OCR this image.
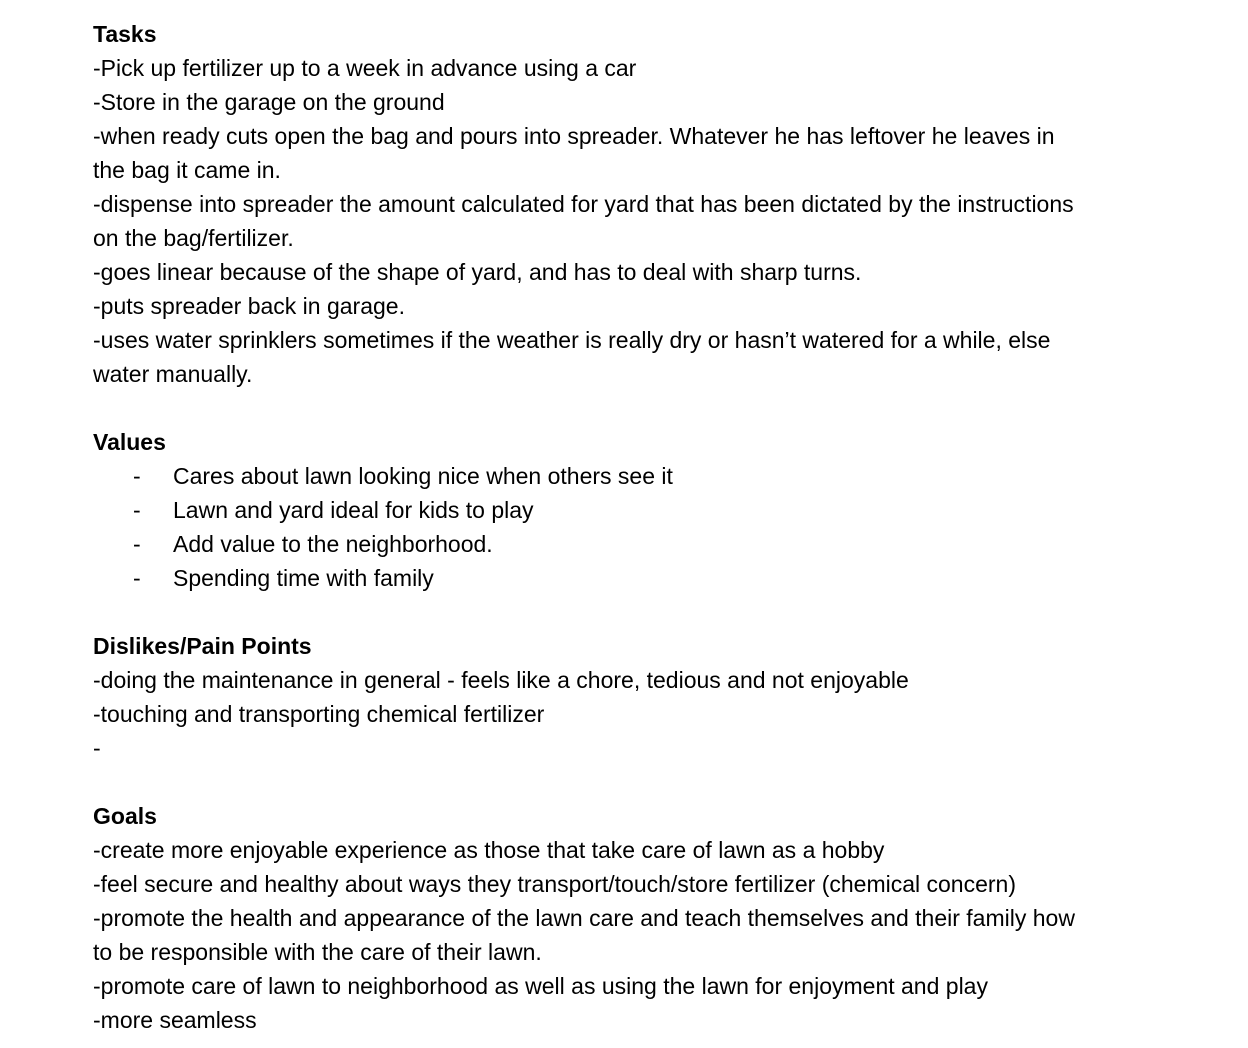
Tasks

-Pick up fertilizer up to a week in advance using a car

-Store in the garage on the ground

-when ready cuts open the bag and pours into spreader. Whatever he has leftover he leaves in the bag it came in.

-dispense into spreader the amount calculated for yard that has been dictated by the instructions on the bag/fertilizer.

-goes linear because of the shape of yard, and has to deal with sharp turns.

-puts spreader back in garage.

-uses water sprinklers sometimes if the weather is really dry or hasn’t watered for a while, else water manually.

Values
- Cares about lawn looking nice when others see it
- Lawn and yard ideal for kids to play
- Add value to the neighborhood.
- Spending time with family
Dislikes/Pain Points

-doing the maintenance in general - feels like a chore, tedious and not enjoyable

-touching and transporting chemical fertilizer

-

Goals

-create more enjoyable experience as those that take care of lawn as a hobby

-feel secure and healthy about ways they transport/touch/store fertilizer (chemical concern)

-promote the health and appearance of the lawn care and teach themselves and their family how to be responsible with the care of their lawn.

-promote care of lawn to neighborhood as well as using the lawn for enjoyment and play

-more seamless
